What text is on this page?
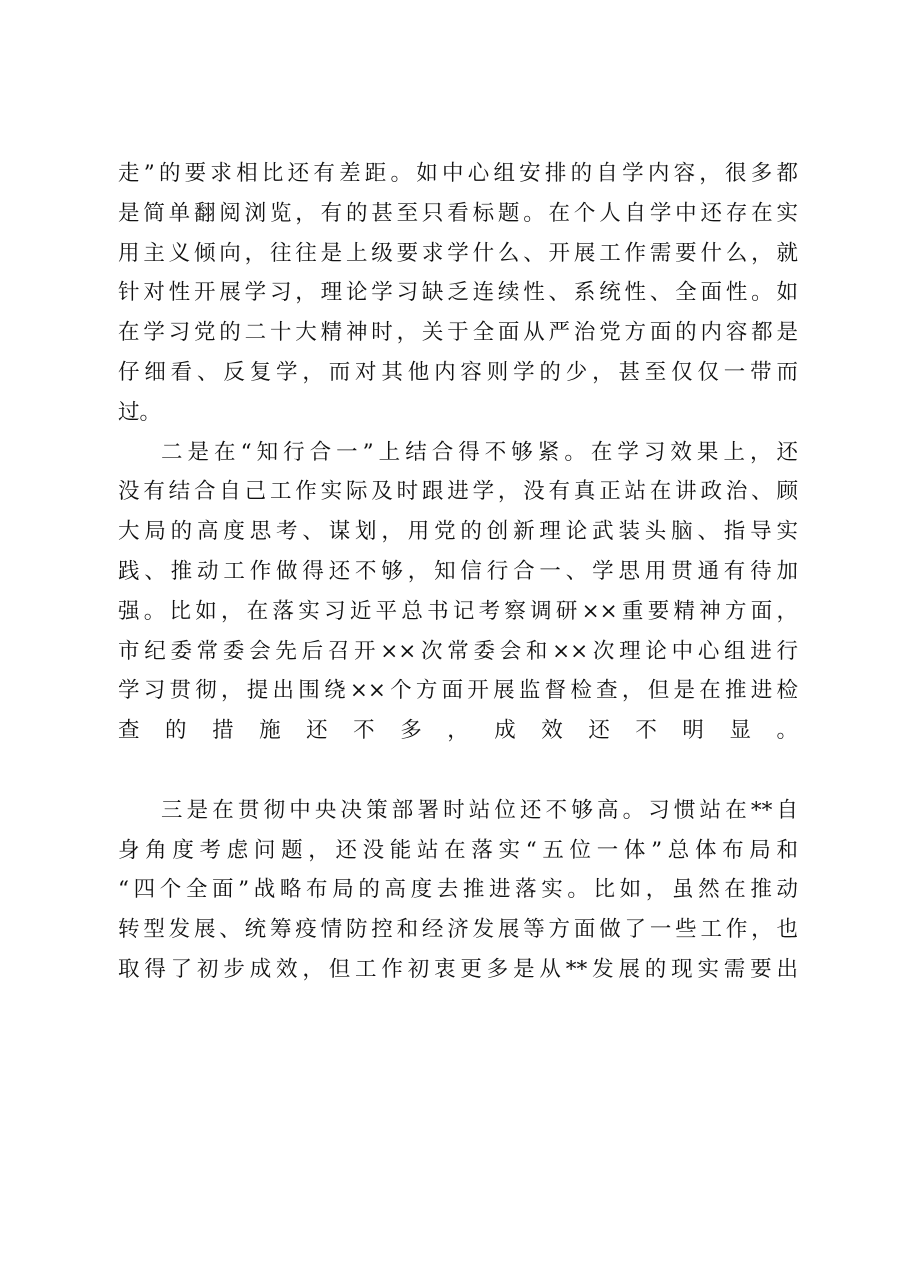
走”的要求相比还有差距。如中心组安排的自学内容，很多都
是简单翻阅浏览，有的甚至只看标题。在个人自学中还存在实
用主义倾向，往往是上级要求学什么、开展工作需要什么，就
针对性开展学习，理论学习缺乏连续性、系统性、全面性。如
在学习党的二十大精神时，关于全面从严治党方面的内容都是
仔细看、反复学，而对其他内容则学的少，甚至仅仅一带而
过。
二是在“知行合一”上结合得不够紧。在学习效果上，还
没有结合自己工作实际及时跟进学，没有真正站在讲政治、顾
大局的高度思考、谋划，用党的创新理论武装头脑、指导实
践、推动工作做得还不够，知信行合一、学思用贯通有待加
强。比如，在落实习近平总书记考察调研××重要精神方面，
市纪委常委会先后召开××次常委会和××次理论中心组进行
学习贯彻，提出围绕××个方面开展监督检查，但是在推进检
查的措施还不多，成效还不明显。
三是在贯彻中央决策部署时站位还不够高。习惯站在**自
身角度考虑问题，还没能站在落实“五位一体”总体布局和
“四个全面”战略布局的高度去推进落实。比如，虽然在推动
转型发展、统筹疫情防控和经济发展等方面做了一些工作，也
取得了初步成效，但工作初衷更多是从**发展的现实需要出
